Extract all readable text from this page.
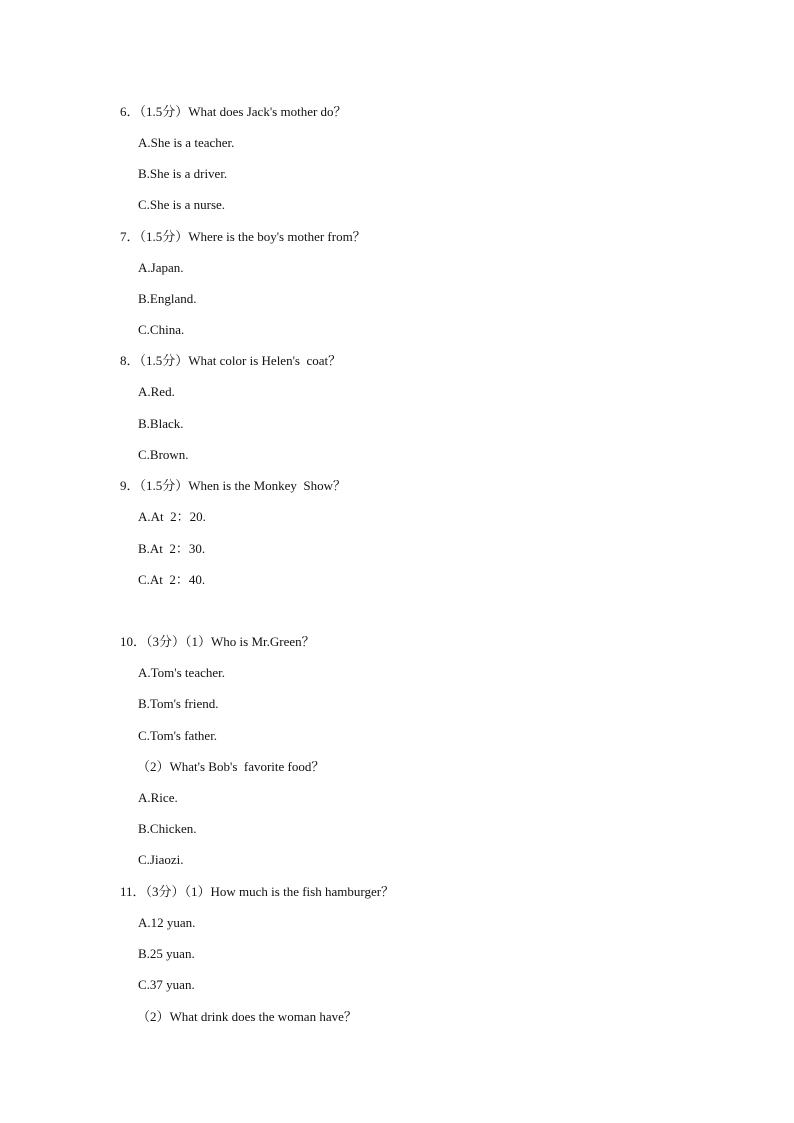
6．（1.5分）What does Jack's mother do？
A.She is a teacher.
B.She is a driver.
C.She is a nurse.
7．（1.5分）Where is the boy's mother from？
A.Japan.
B.England.
C.China.
8．（1.5分）What color is Helen's  coat？
A.Red.
B.Black.
C.Brown.
9．（1.5分）When is the Monkey  Show？
A.At  2：20.
B.At  2：30.
C.At  2：40.
10．（3分）（1）Who is Mr.Green？
A.Tom's teacher.
B.Tom's friend.
C.Tom's father.
（2）What's Bob's  favorite food？
A.Rice.
B.Chicken.
C.Jiaozi.
11．（3分）（1）How much is the fish hamburger？
A.12 yuan.
B.25 yuan.
C.37 yuan.
（2）What drink does the woman have？
